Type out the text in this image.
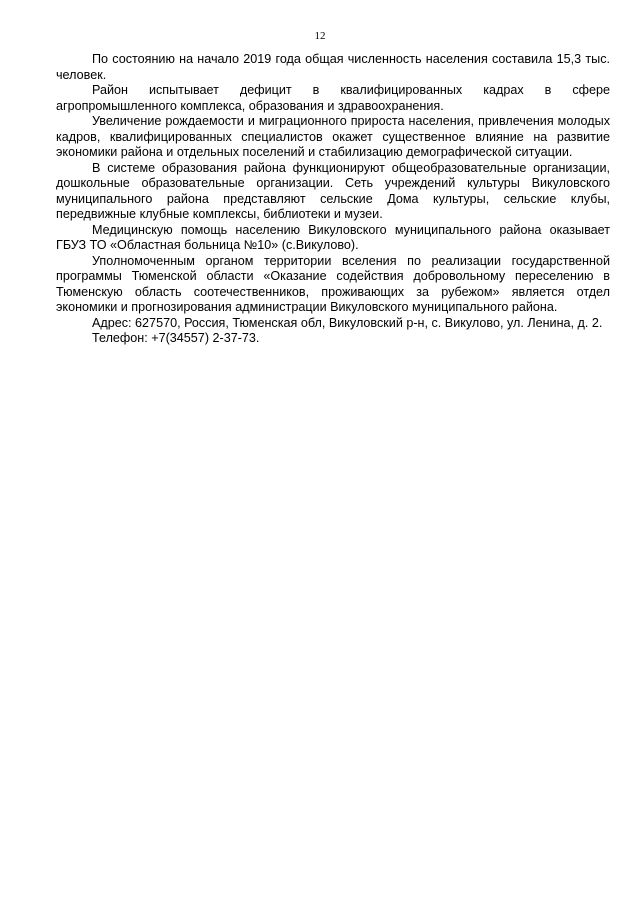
12

По состоянию на начало 2019 года общая численность населения составила 15,3 тыс. человек.

Район испытывает дефицит в квалифицированных кадрах в сфере агропромышленного комплекса, образования и здравоохранения.

Увеличение рождаемости и миграционного прироста населения, привлечения молодых кадров, квалифицированных специалистов окажет существенное влияние на развитие экономики района и отдельных поселений и стабилизацию демографической ситуации.

В системе образования района функционируют общеобразовательные организации, дошкольные образовательные организации. Сеть учреждений культуры Викуловского муниципального района представляют сельские Дома культуры, сельские клубы, передвижные клубные комплексы, библиотеки и музеи.

Медицинскую помощь населению Викуловского муниципального района оказывает ГБУЗ ТО «Областная больница №10» (с.Викулово).

Уполномоченным органом территории вселения по реализации государственной программы Тюменской области «Оказание содействия добровольному переселению в Тюменскую область соотечественников, проживающих за рубежом» является отдел экономики и прогнозирования администрации Викуловского муниципального района.

Адрес: 627570, Россия, Тюменская обл, Викуловский р-н, с. Викулово, ул. Ленина, д. 2.

Телефон: +7(34557) 2-37-73.
